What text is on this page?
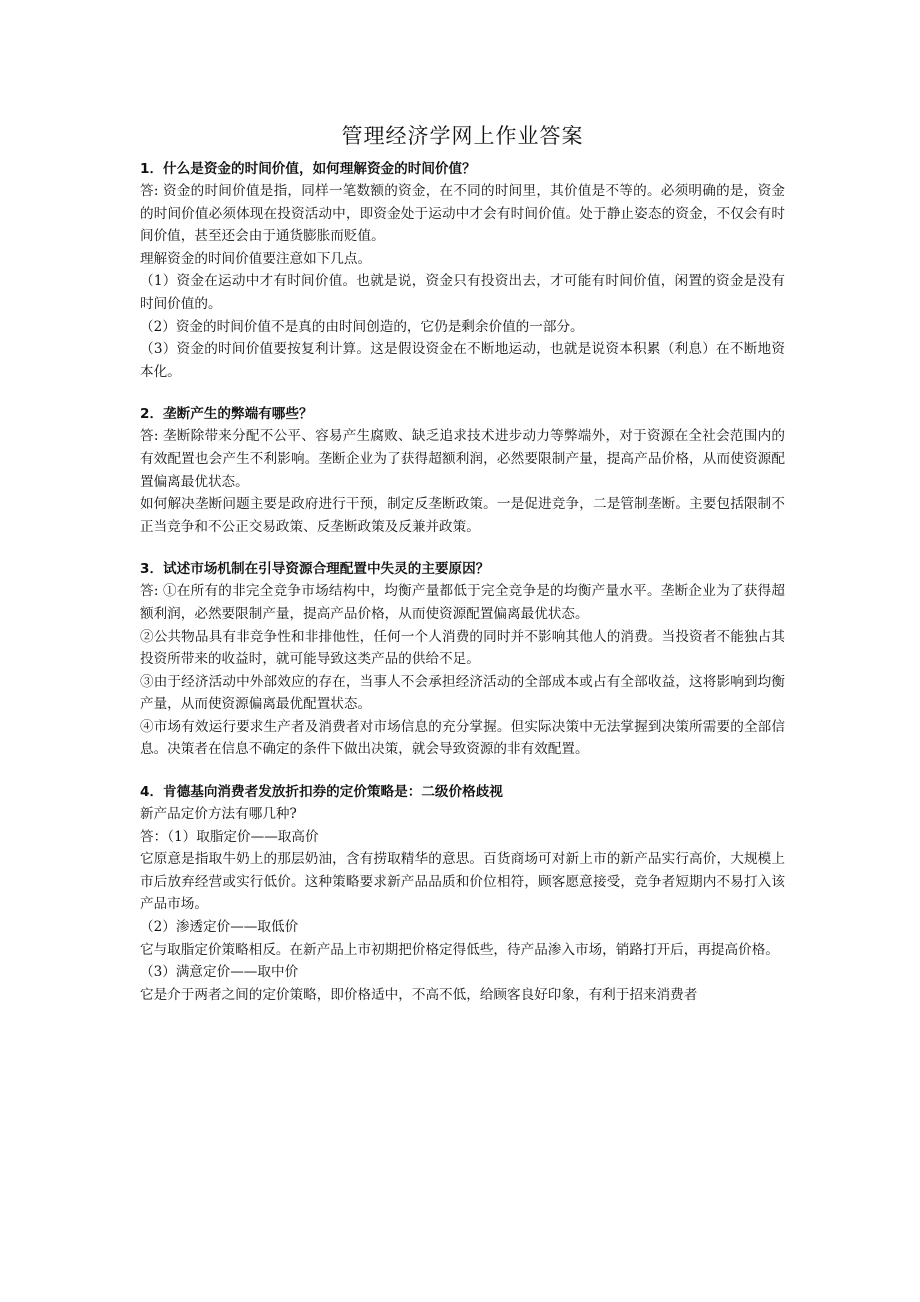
管理经济学网上作业答案

1．什么是资金的时间价值，如何理解资金的时间价值？

答: 资金的时间价值是指，同样一笔数额的资金，在不同的时间里，其价值是不等的。必须明确的是，资金的时间价值必须体现在投资活动中，即资金处于运动中才会有时间价值。处于静止姿态的资金，不仅会有时间价值，甚至还会由于通货膨胀而贬值。

理解资金的时间价值要注意如下几点。

（1）资金在运动中才有时间价值。也就是说，资金只有投资出去，才可能有时间价值，闲置的资金是没有时间价值的。

（2）资金的时间价值不是真的由时间创造的，它仍是剩余价值的一部分。

（3）资金的时间价值要按复利计算。这是假设资金在不断地运动，也就是说资本积累（利息）在不断地资本化。

2．垄断产生的弊端有哪些？

答: 垄断除带来分配不公平、容易产生腐败、缺乏追求技术进步动力等弊端外，对于资源在全社会范围内的有效配置也会产生不利影响。垄断企业为了获得超额利润，必然要限制产量，提高产品价格，从而使资源配置偏离最优状态。

如何解决垄断问题主要是政府进行干预，制定反垄断政策。一是促进竞争，二是管制垄断。主要包括限制不正当竞争和不公正交易政策、反垄断政策及反兼并政策。

3．试述市场机制在引导资源合理配置中失灵的主要原因？

答: ①在所有的非完全竞争市场结构中，均衡产量都低于完全竞争是的均衡产量水平。垄断企业为了获得超额利润，必然要限制产量，提高产品价格，从而使资源配置偏离最优状态。

②公共物品具有非竞争性和非排他性，任何一个人消费的同时并不影响其他人的消费。当投资者不能独占其投资所带来的收益时，就可能导致这类产品的供给不足。

③由于经济活动中外部效应的存在，当事人不会承担经济活动的全部成本或占有全部收益，这将影响到均衡产量，从而使资源偏离最优配置状态。

④市场有效运行要求生产者及消费者对市场信息的充分掌握。但实际决策中无法掌握到决策所需要的全部信息。决策者在信息不确定的条件下做出决策，就会导致资源的非有效配置。

4．肯德基向消费者发放折扣券的定价策略是：二级价格歧视

新产品定价方法有哪几种?

答：（1）取脂定价——取高价

它原意是指取牛奶上的那层奶油，含有捞取精华的意思。百货商场可对新上市的新产品实行高价，大规模上市后放弃经营或实行低价。这种策略要求新产品品质和价位相符，顾客愿意接受，竞争者短期内不易打入该产品市场。

（2）渗透定价——取低价

它与取脂定价策略相反。在新产品上市初期把价格定得低些，待产品渗入市场，销路打开后，再提高价格。

（3）满意定价——取中价

它是介于两者之间的定价策略，即价格适中，不高不低，给顾客良好印象，有利于招来消费者
